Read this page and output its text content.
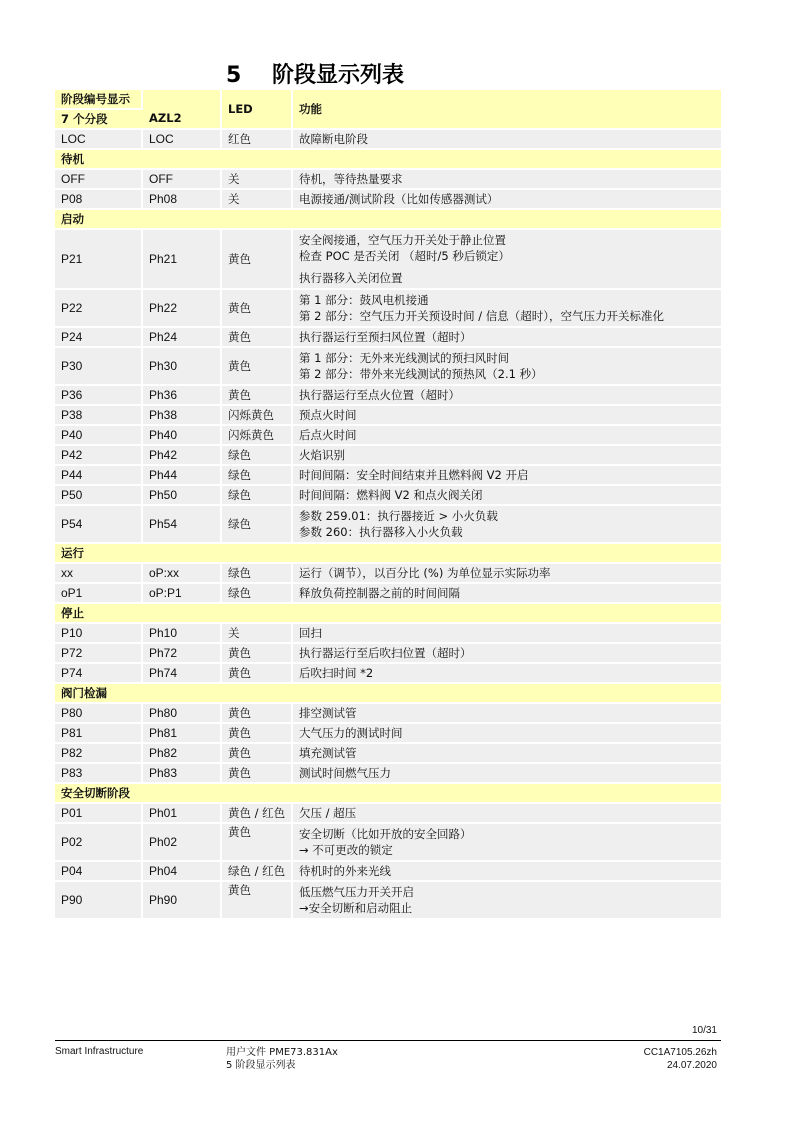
5 阶段显示列表
阶段编号显示	AZL2	LED	功能
7 个分段			
LOC	LOC	红色	故障断电阶段

待机			
OFF	OFF	关	待机，等待热量要求

P08	Ph08	关	电源接通/测试阶段（比如传感器测试）

启动			
P21	Ph21	黄色	安全阀接通，空气压力开关处于静止位置
检查 POC 是否关闭 （超时/5 秒后锁定）
执行器移入关闭位置

P22	Ph22	黄色	第 1 部分：鼓风电机接通
第 2 部分：空气压力开关预设时间 / 信息（超时），空气压力开关标准化

P24	Ph24	黄色	执行器运行至预扫风位置（超时）

P30	Ph30	黄色	第 1 部分：无外来光线测试的预扫风时间
第 2 部分：带外来光线测试的预热风（2.1 秒）

P36	Ph36	黄色	执行器运行至点火位置（超时）

P38	Ph38	闪烁黄色	预点火时间

P40	Ph40	闪烁黄色	后点火时间

P42	Ph42	绿色	火焰识别

P44	Ph44	绿色	时间间隔：安全时间结束并且燃料阀 V2 开启

P50	Ph50	绿色	时间间隔：燃料阀 V2 和点火阀关闭

P54	Ph54	绿色	参数 259.01：执行器接近 > 小火负载
参数 260：执行器移入小火负载

运行			
xx	oP:xx	绿色	运行（调节），以百分比 (%) 为单位显示实际功率

oP1	oP:P1	绿色	释放负荷控制器之前的时间间隔

停止			
P10	Ph10	关	回扫

P72	Ph72	黄色	执行器运行至后吹扫位置（超时）

P74	Ph74	黄色	后吹扫时间 *2

阀门检漏			
P80	Ph80	黄色	排空测试管

P81	Ph81	黄色	大气压力的测试时间

P82	Ph82	黄色	填充测试管

P83	Ph83	黄色	测试时间燃气压力

安全切断阶段			
P01	Ph01	黄色 / 红色	欠压 / 超压

P02	Ph02	黄色	安全切断（比如开放的安全回路）
→ 不可更改的锁定

P04	Ph04	绿色 / 红色	待机时的外来光线

P90	Ph90	黄色	低压燃气压力开关开启
→安全切断和启动阻止
10/31
Smart Infrastructure	用户文件 PME73.831Ax
5 阶段显示列表
CC1A7105.26zh
24.07.2020
